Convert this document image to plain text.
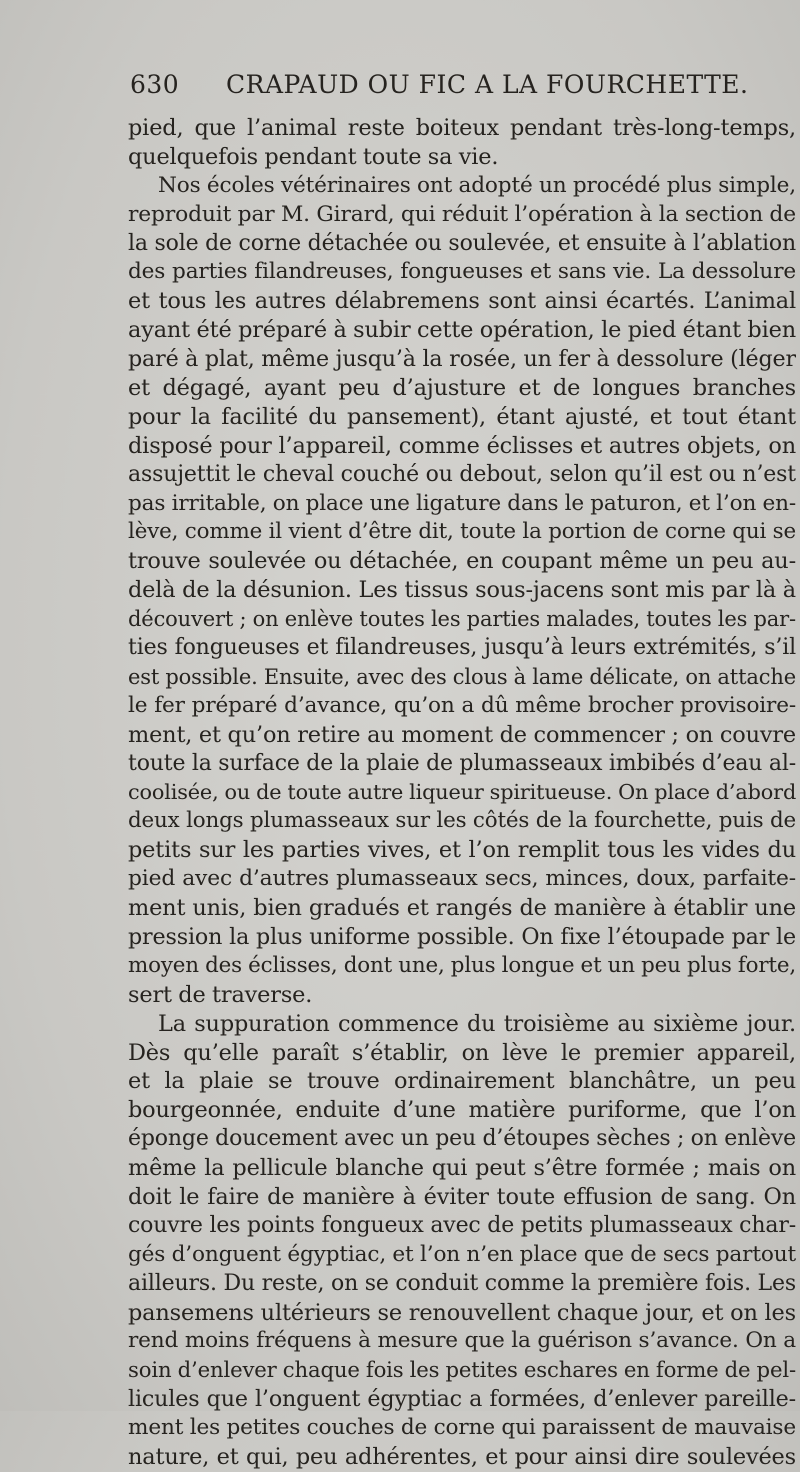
630	CRAPAUD OU FIC A LA FOURCHETTE.
pied, que l’animal reste boiteux pendant très-long-temps,
quelquefois pendant toute sa vie.
Nos écoles vétérinaires ont adopté un procédé plus simple,
reproduit par M. Girard, qui réduit l’opération à la section de
la sole de corne détachée ou soulevée, et ensuite à l’ablation
des parties filandreuses, fongueuses et sans vie. La dessolure
et tous les autres délabremens sont ainsi écartés. L’animal
ayant été préparé à subir cette opération, le pied étant bien
paré à plat, même jusqu’à la rosée, un fer à dessolure (léger
et dégagé, ayant peu d’ajusture et de longues branches
pour la facilité du pansement), étant ajusté, et tout étant
disposé pour l’appareil, comme éclisses et autres objets, on
assujettit le cheval couché ou debout, selon qu’il est ou n’est
pas irritable, on place une ligature dans le paturon, et l’on en-
lève, comme il vient d’être dit, toute la portion de corne qui se
trouve soulevée ou détachée, en coupant même un peu au-
delà de la désunion. Les tissus sous-jacens sont mis par là à
découvert ; on enlève toutes les parties malades, toutes les par-
ties fongueuses et filandreuses, jusqu’à leurs extrémités, s’il
est possible. Ensuite, avec des clous à lame délicate, on attache
le fer préparé d’avance, qu’on a dû même brocher provisoire-
ment, et qu’on retire au moment de commencer ; on couvre
toute la surface de la plaie de plumasseaux imbibés d’eau al-
coolisée, ou de toute autre liqueur spiritueuse. On place d’abord
deux longs plumasseaux sur les côtés de la fourchette, puis de
petits sur les parties vives, et l’on remplit tous les vides du
pied avec d’autres plumasseaux secs, minces, doux, parfaite-
ment unis, bien gradués et rangés de manière à établir une
pression la plus uniforme possible. On fixe l’étoupade par le
moyen des éclisses, dont une, plus longue et un peu plus forte,
sert de traverse.
La suppuration commence du troisième au sixième jour.
Dès qu’elle paraît s’établir, on lève le premier appareil,
et la plaie se trouve ordinairement blanchâtre, un peu
bourgeonnée, enduite d’une matière puriforme, que l’on
éponge doucement avec un peu d’étoupes sèches ; on enlève
même la pellicule blanche qui peut s’être formée ; mais on
doit le faire de manière à éviter toute effusion de sang. On
couvre les points fongueux avec de petits plumasseaux char-
gés d’onguent égyptiac, et l’on n’en place que de secs partout
ailleurs. Du reste, on se conduit comme la première fois. Les
pansemens ultérieurs se renouvellent chaque jour, et on les
rend moins fréquens à mesure que la guérison s’avance. On a
soin d’enlever chaque fois les petites eschares en forme de pel-
licules que l’onguent égyptiac a formées, d’enlever pareille-
ment les petites couches de corne qui paraissent de mauvaise
nature, et qui, peu adhérentes, et pour ainsi dire soulevées
